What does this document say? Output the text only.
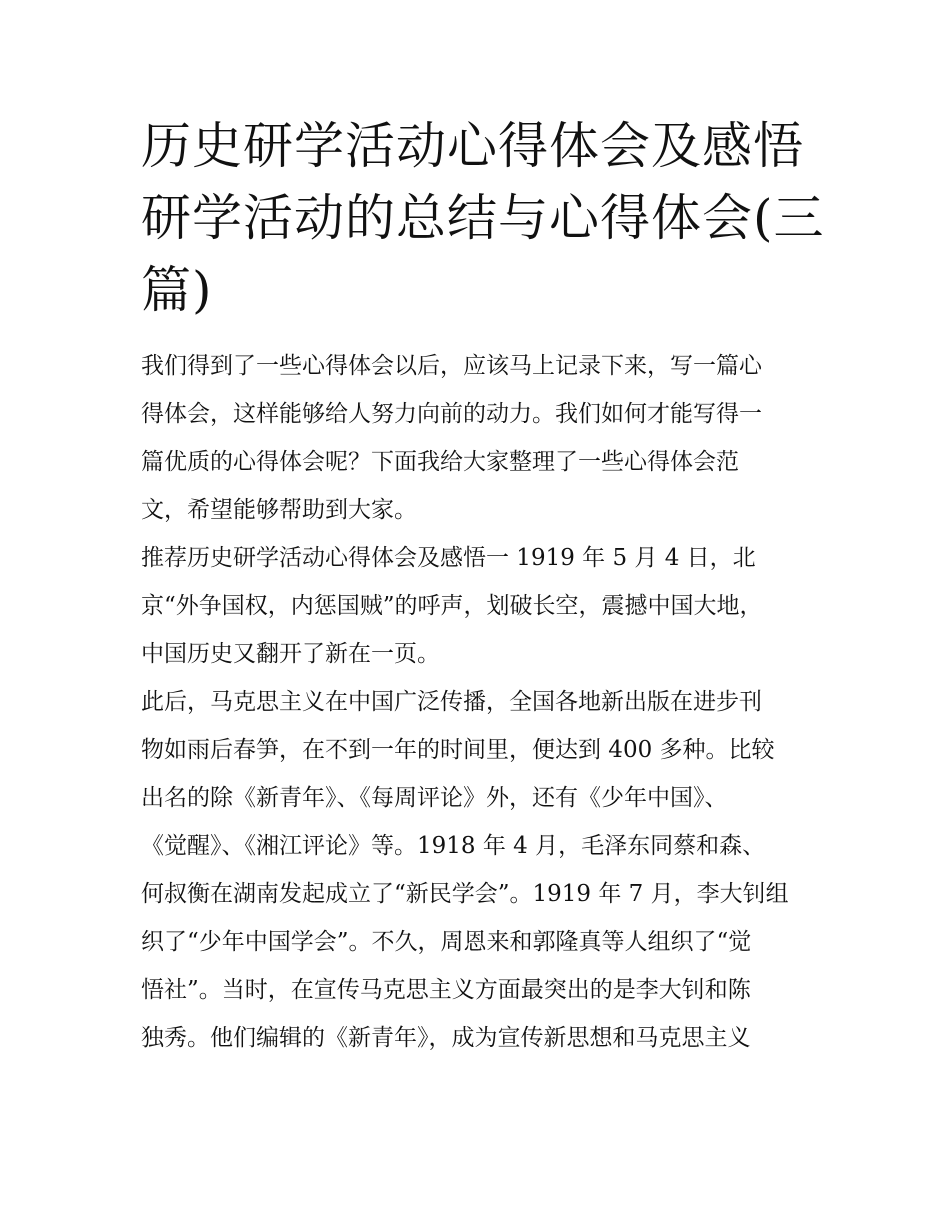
历史研学活动心得体会及感悟
研学活动的总结与心得体会(三
篇)

我们得到了一些心得体会以后，应该马上记录下来，写一篇心
得体会，这样能够给人努力向前的动力。我们如何才能写得一
篇优质的心得体会呢？下面我给大家整理了一些心得体会范
文，希望能够帮助到大家。

推荐历史研学活动心得体会及感悟一 1919 年 5 月 4 日，北
京“外争国权，内惩国贼”的呼声，划破长空，震撼中国大地，
中国历史又翻开了新在一页。

此后，马克思主义在中国广泛传播，全国各地新出版在进步刊
物如雨后春笋，在不到一年的时间里，便达到 400 多种。比较
出名的除《新青年》、《每周评论》外，还有《少年中国》、
《觉醒》、《湘江评论》等。1918 年 4 月，毛泽东同蔡和森、
何叔衡在湖南发起成立了“新民学会”。1919 年 7 月，李大钊组
织了“少年中国学会”。不久，周恩来和郭隆真等人组织了“觉
悟社”。当时，在宣传马克思主义方面最突出的是李大钊和陈
独秀。他们编辑的《新青年》，成为宣传新思想和马克思主义
